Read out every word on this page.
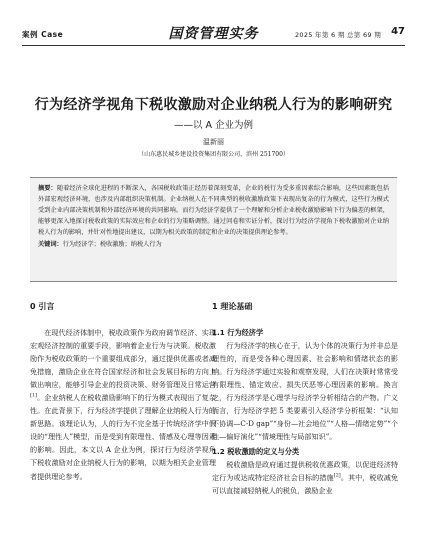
案例 Case	国资管理实务	2025 年第 6 期 总第 69 期 47
行为经济学视角下税收激励对企业纳税人行为的影响研究
——以 A 企业为例
温新丽
（山东惠民城乡建设投资集团有限公司，滨州 251700）
摘要：随着经济全球化进程的不断深入，各国税收政策正经历着深刻变革，企业的税行为受多重因素综合影响，这些因素既包括外部宏观经济环境，也涉及内部组织决策机制。企业纳税人在不同典型的税收激励政策下表现出复杂的行为模式，这些行为模式受到企业内部决策机制和外部经济环境的共同影响。而行为经济学提供了一个理解和分析企业税收激励影响下行为偏差的框架，能够更深入地探讨税收政策的实际效应和企业的行为策略调整。通过问卷和实证分析，探讨行为经济学视角下税收激励对企业纳税人行为的影响，并针对性地提出建议，以期为相关政策的制定和企业的决策提供理论参考。
关键词：行为经济学；税收激励；纳税人行为
0 引言

在现代经济体制中，税收政策作为政府调节经济、实现宏观经济控制的重要手段，影响着企业行为与决策。税收激励作为税收政策的一个重要组成部分，通过提供优惠或者减免措施，激励企业在符合国家经济和社会发展目标的方向上做出响应，能够引导企业的投资决策、财务管理及日常运营[1]。企业纳税人在税收激励影响下的行为模式表现出了复杂性。在此背景下，行为经济学提供了理解企业纳税人行为的新思路。该理论认为，人的行为不完全基于传统经济学中假设的“理性人”模型，而是受到有限理性、情感及心理等因素的影响。因此，本文以 A 企业为例，探讨行为经济学视角下税收激励对企业纳税人行为的影响，以期为相关企业管理者提供理论参考。

1 理论基础
1.1 行为经济学

行为经济学的核心在于，认为个体的决策行为并非总是理性的，而是受各种心理因素、社会影响和情绪状态的影响。行为经济学通过实验和观察发现，人们在决策时常常受有限理性、锚定效应、损失厌恶等心理因素的影响。换言之，行为经济学是心理学与经济学分析相结合的产物。广义而言，行为经济学把 5 类要素引入经济学分析框架：“认知不协调—C-D gap”“身份—社会地位”“人格—情绪定势”“个性—偏好演化”“情境理性与局部知识”。

1.2 税收激励的定义与分类

税收激励是政府通过提供税收优惠政策，以促进经济特定行为或达成特定经济社会目标的措施[2]。其中，税收减免可以直接减轻纳税人的税负，激励企业
